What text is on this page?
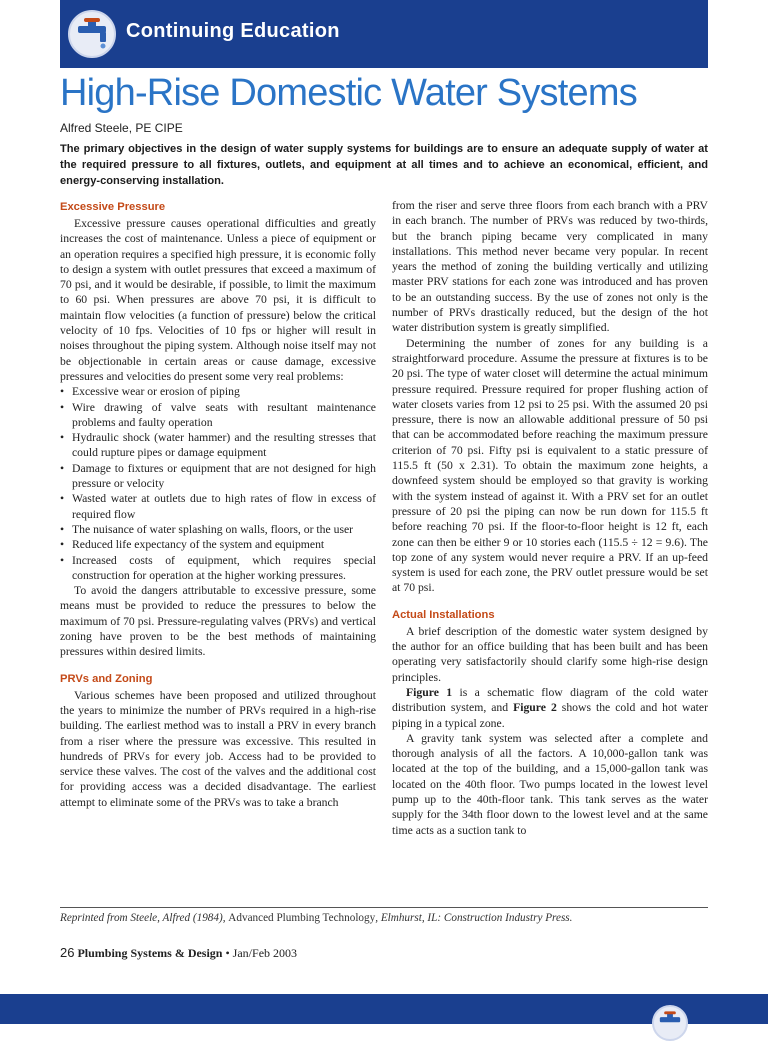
Continuing Education
High-Rise Domestic Water Systems
Alfred Steele, PE CIPE
The primary objectives in the design of water supply systems for buildings are to ensure an adequate supply of water at the required pressure to all fixtures, outlets, and equipment at all times and to achieve an economical, efficient, and energy-conserving installation.
Excessive Pressure

Excessive pressure causes operational difficulties and greatly increases the cost of maintenance. Unless a piece of equipment or an operation requires a specified high pressure, it is economic folly to design a system with outlet pressures that exceed a maximum of 70 psi, and it would be desirable, if possible, to limit the maximum to 60 psi. When pressures are above 70 psi, it is difficult to maintain flow velocities (a function of pressure) below the critical velocity of 10 fps. Velocities of 10 fps or higher will result in noises throughout the piping system. Although noise itself may not be objectionable in certain areas or cause damage, excessive pressures and velocities do present some very real problems:

• Excessive wear or erosion of piping
• Wire drawing of valve seats with resultant maintenance problems and faulty operation
• Hydraulic shock (water hammer) and the resulting stresses that could rupture pipes or damage equipment
• Damage to fixtures or equipment that are not designed for high pressure or velocity
• Wasted water at outlets due to high rates of flow in excess of required flow
• The nuisance of water splashing on walls, floors, or the user
• Reduced life expectancy of the system and equipment
• Increased costs of equipment, which requires special construction for operation at the higher working pressures.

To avoid the dangers attributable to excessive pressure, some means must be provided to reduce the pressures to below the maximum of 70 psi. Pressure-regulating valves (PRVs) and vertical zoning have proven to be the best methods of maintaining pressures within desired limits.

PRVs and Zoning

Various schemes have been proposed and utilized throughout the years to minimize the number of PRVs required in a high-rise building. The earliest method was to install a PRV in every branch from a riser where the pressure was excessive. This resulted in hundreds of PRVs for every job. Access had to be provided to service these valves. The cost of the valves and the additional cost for providing access was a decided disadvantage. The earliest attempt to eliminate some of the PRVs was to take a branch

from the riser and serve three floors from each branch with a PRV in each branch. The number of PRVs was reduced by two-thirds, but the branch piping became very complicated in many installations. This method never became very popular. In recent years the method of zoning the building vertically and utilizing master PRV stations for each zone was introduced and has proven to be an outstanding success. By the use of zones not only is the number of PRVs drastically reduced, but the design of the hot water distribution system is greatly simplified.

Determining the number of zones for any building is a straightforward procedure. Assume the pressure at fixtures is to be 20 psi. The type of water closet will determine the actual minimum pressure required. Pressure required for proper flushing action of water closets varies from 12 psi to 25 psi. With the assumed 20 psi pressure, there is now an allowable additional pressure of 50 psi that can be accommodated before reaching the maximum pressure criterion of 70 psi. Fifty psi is equivalent to a static pressure of 115.5 ft (50 x 2.31). To obtain the maximum zone heights, a downfeed system should be employed so that gravity is working with the system instead of against it. With a PRV set for an outlet pressure of 20 psi the piping can now be run down for 115.5 ft before reaching 70 psi. If the floor-to-floor height is 12 ft, each zone can then be either 9 or 10 stories each (115.5 ÷ 12 = 9.6). The top zone of any system would never require a PRV. If an up-feed system is used for each zone, the PRV outlet pressure would be set at 70 psi.

Actual Installations

A brief description of the domestic water system designed by the author for an office building that has been built and has been operating very satisfactorily should clarify some high-rise design principles.

Figure 1 is a schematic flow diagram of the cold water distribution system, and Figure 2 shows the cold and hot water piping in a typical zone.

A gravity tank system was selected after a complete and thorough analysis of all the factors. A 10,000-gallon tank was located at the top of the building, and a 15,000-gallon tank was located on the 40th floor. Two pumps located in the lowest level pump up to the 40th-floor tank. This tank serves as the water supply for the 34th floor down to the lowest level and at the same time acts as a suction tank to

Reprinted from Steele, Alfred (1984), Advanced Plumbing Technology, Elmhurst, IL: Construction Industry Press.
26 Plumbing Systems & Design • Jan/Feb 2003
